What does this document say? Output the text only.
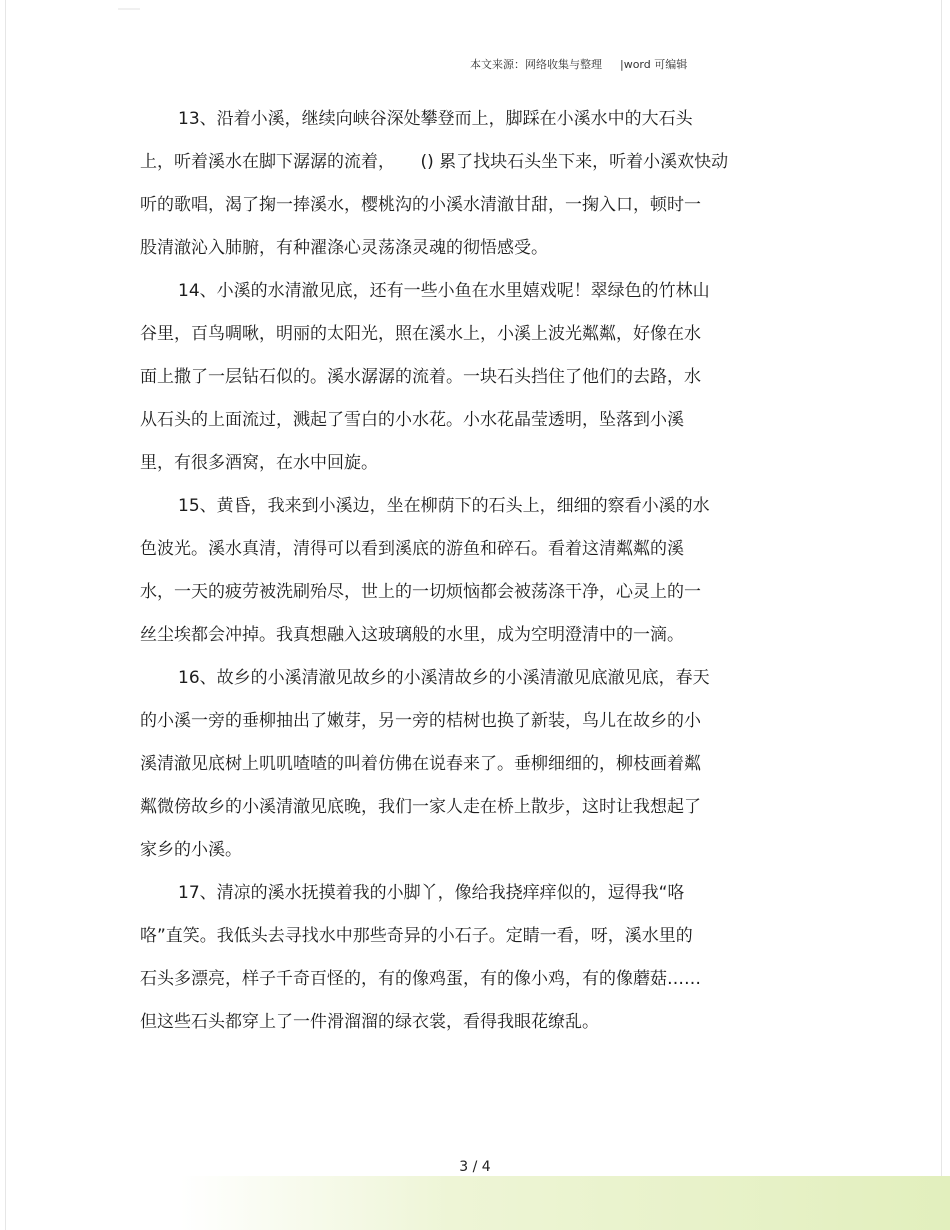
本文来源：网络收集与整理 |word 可编辑
13、沿着小溪，继续向峡谷深处攀登而上，脚踩在小溪水中的大石头
上，听着溪水在脚下潺潺的流着，　　() 累了找块石头坐下来，听着小溪欢快动
听的歌唱，渴了掬一捧溪水，樱桃沟的小溪水清澈甘甜，一掬入口，顿时一
股清澈沁入肺腑，有种濯涤心灵荡涤灵魂的彻悟感受。
14、小溪的水清澈见底，还有一些小鱼在水里嬉戏呢！翠绿色的竹林山
谷里，百鸟啁啾，明丽的太阳光，照在溪水上，小溪上波光粼粼，好像在水
面上撒了一层钻石似的。溪水潺潺的流着。一块石头挡住了他们的去路，水
从石头的上面流过，溅起了雪白的小水花。小水花晶莹透明，坠落到小溪
里，有很多酒窝，在水中回旋。
15、黄昏，我来到小溪边，坐在柳荫下的石头上，细细的察看小溪的水
色波光。溪水真清，清得可以看到溪底的游鱼和碎石。看着这清粼粼的溪
水，一天的疲劳被洗刷殆尽，世上的一切烦恼都会被荡涤干净，心灵上的一
丝尘埃都会冲掉。我真想融入这玻璃般的水里，成为空明澄清中的一滴。
16、故乡的小溪清澈见故乡的小溪清故乡的小溪清澈见底澈见底，春天
的小溪一旁的垂柳抽出了嫩芽，另一旁的桔树也换了新装，鸟儿在故乡的小
溪清澈见底树上叽叽喳喳的叫着仿佛在说春来了。垂柳细细的，柳枝画着粼
粼微傍故乡的小溪清澈见底晚，我们一家人走在桥上散步，这时让我想起了
家乡的小溪。
17、清凉的溪水抚摸着我的小脚丫，像给我挠痒痒似的，逗得我“咯
咯”直笑。我低头去寻找水中那些奇异的小石子。定睛一看，呀，溪水里的
石头多漂亮，样子千奇百怪的，有的像鸡蛋，有的像小鸡，有的像蘑菇……
但这些石头都穿上了一件滑溜溜的绿衣裳，看得我眼花缭乱。
3 / 4
